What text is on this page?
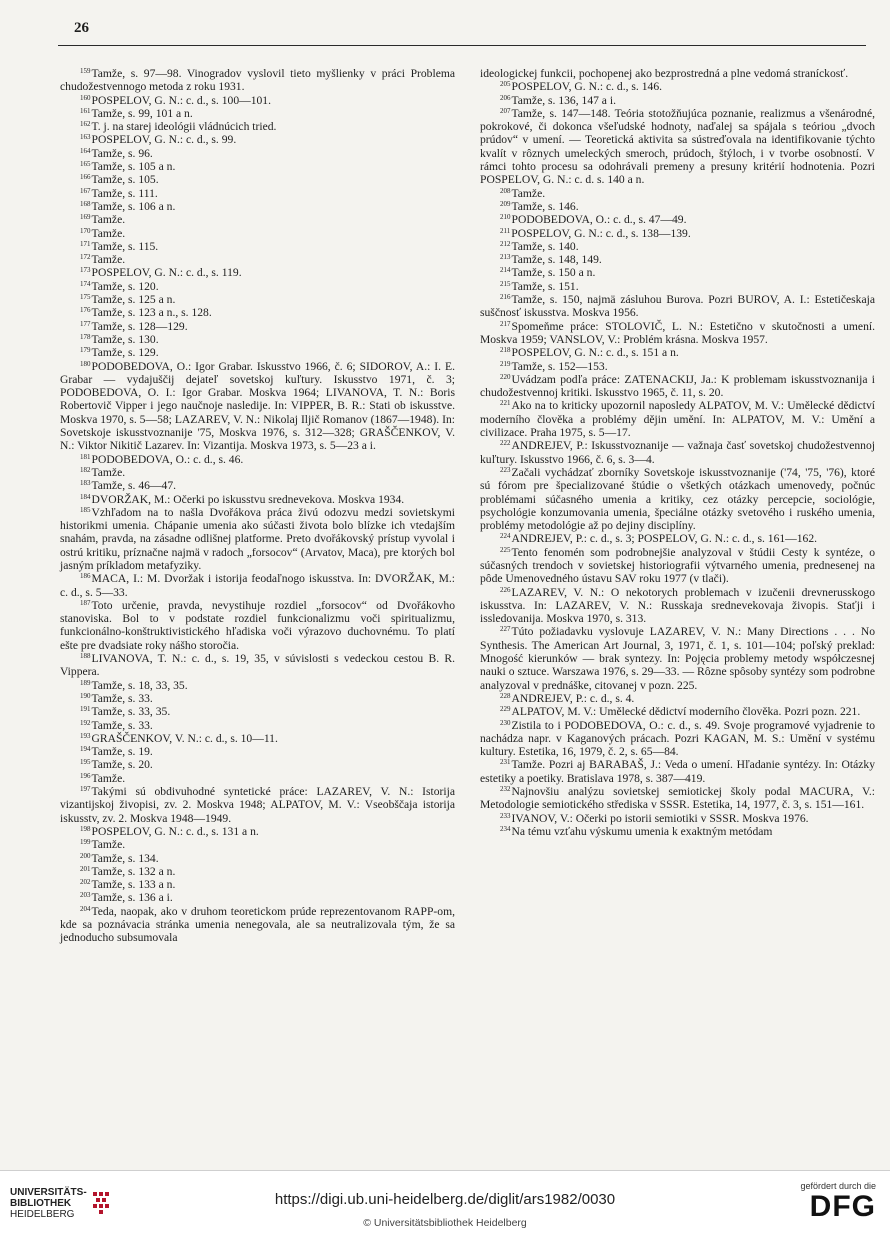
26

$^{159}$Tamže, s. 97—98. Vinogradov vyslovil tieto myšlienky v práci Problema chudožestvennogo metoda z roku 1931.

$^{160}$POSPELOV, G. N.: c. d., s. 100—101.

$^{161}$Tamže, s. 99, 101 a n.

$^{162}$T. j. na starej ideológii vládnúcich tried.

$^{163}$POSPELOV, G. N.: c. d., s. 99.

$^{164}$Tamže, s. 96.

$^{165}$Tamže, s. 105 a n.

$^{166}$Tamže, s. 105.

$^{167}$Tamže, s. 111.

$^{168}$Tamže, s. 106 a n.

$^{169}$Tamže.

$^{170}$Tamže.

$^{171}$Tamže, s. 115.

$^{172}$Tamže.

$^{173}$POSPELOV, G. N.: c. d., s. 119.

$^{174}$Tamže, s. 120.

$^{175}$Tamže, s. 125 a n.

$^{176}$Tamže, s. 123 a n., s. 128.

$^{177}$Tamže, s. 128—129.

$^{178}$Tamže, s. 130.

$^{179}$Tamže, s. 129.

$^{180}$PODOBEDOVA, O.: Igor Grabar. Iskusstvo 1966, č. 6; SIDOROV, A.: I. E. Grabar — vydajuščij dejateľ sovetskoj kuľtury. Iskusstvo 1971, č. 3; PODOBEDOVA, O. I.: Igor Grabar. Moskva 1964; LIVANOVA, T. N.: Boris Robertovič Vipper i jego naučnoje nasledije. In: VIPPER, B. R.: Stati ob iskusstve. Moskva 1970, s. 5—58; LAZAREV, V. N.: Nikolaj Iljič Romanov (1867—1948). In: Sovetskoje iskusstvoznanije '75, Moskva 1976, s. 312—328; GRAŠČENKOV, V. N.: Viktor Nikitič Lazarev. In: Vizantija. Moskva 1973, s. 5—23 a i.

$^{181}$PODOBEDOVA, O.: c. d., s. 46.

$^{182}$Tamže.

$^{183}$Tamže, s. 46—47.

$^{184}$DVORŽAK, M.: Očerki po iskusstvu srednevekova. Moskva 1934.

$^{185}$Vzhľadom na to našla Dvořákova práca živú odozvu medzi sovietskymi historikmi umenia. Chápanie umenia ako súčasti života bolo blízke ich vtedajším snahám, pravda, na zásadne odlišnej platforme. Preto dvořákovský prístup vyvolal i ostrú kritiku, príznačne najmä v radoch „forsocov“ (Arvatov, Maca), pre ktorých bol jasným príkladom metafyziky.

$^{186}$MACA, I.: M. Dvoržak i istorija feodaľnogo iskusstva. In: DVORŽAK, M.: c. d., s. 5—33.

$^{187}$Toto určenie, pravda, nevystihuje rozdiel „forsocov“ od Dvořákovho stanoviska. Bol to v podstate rozdiel funkcionalizmu voči spiritualizmu, funkcionálno-konštruktivistického hľadiska voči výrazovo duchovnému. To platí ešte pre dvadsiate roky nášho storočia.

$^{188}$LIVANOVA, T. N.: c. d., s. 19, 35, v súvislosti s vedeckou cestou B. R. Vippera.

$^{189}$Tamže, s. 18, 33, 35.

$^{190}$Tamže, s. 33.

$^{191}$Tamže, s. 33, 35.

$^{192}$Tamže, s. 33.

$^{193}$GRAŠČENKOV, V. N.: c. d., s. 10—11.

$^{194}$Tamže, s. 19.

$^{195}$Tamže, s. 20.

$^{196}$Tamže.

$^{197}$Takými sú obdivuhodné syntetické práce: LAZAREV, V. N.: Istorija vizantijskoj živopisi, zv. 2. Moskva 1948; ALPATOV, M. V.: Vseobščaja istorija iskusstv, zv. 2. Moskva 1948—1949.

$^{198}$POSPELOV, G. N.: c. d., s. 131 a n.

$^{199}$Tamže.

$^{200}$Tamže, s. 134.

$^{201}$Tamže, s. 132 a n.

$^{202}$Tamže, s. 133 a n.

$^{203}$Tamže, s. 136 a i.

$^{204}$Teda, naopak, ako v druhom teoretickom prúde reprezentovanom RAPP-om, kde sa poznávacia stránka umenia nenegovala, ale sa neutralizovala tým, že sa jednoducho subsumovala

ideologickej funkcii, pochopenej ako bezprostredná a plne vedomá straníckosť.

$^{205}$POSPELOV, G. N.: c. d., s. 146.

$^{206}$Tamže, s. 136, 147 a i.

$^{207}$Tamže, s. 147—148. Teória stotožňujúca poznanie, realizmus a všenárodné, pokrokové, či dokonca všeľudské hodnoty, naďalej sa spájala s teóriou „dvoch prúdov“ v umení. — Teoretická aktivita sa sústreďovala na identifikovanie týchto kvalít v rôznych umeleckých smeroch, prúdoch, štýloch, i v tvorbe osobností. V rámci tohto procesu sa odohrávali premeny a presuny kritérií hodnotenia. Pozri POSPELOV, G. N.: c. d. s. 140 a n.

$^{208}$Tamže.

$^{209}$Tamže, s. 146.

$^{210}$PODOBEDOVA, O.: c. d., s. 47—49.

$^{211}$POSPELOV, G. N.: c. d., s. 138—139.

$^{212}$Tamže, s. 140.

$^{213}$Tamže, s. 148, 149.

$^{214}$Tamže, s. 150 a n.

$^{215}$Tamže, s. 151.

$^{216}$Tamže, s. 150, najmä zásluhou Burova. Pozri BUROV, A. I.: Estetičeskaja suščnosť iskusstva. Moskva 1956.

$^{217}$Spomeňme práce: STOLOVIČ, L. N.: Estetično v skutočnosti a umení. Moskva 1959; VANSLOV, V.: Problém krásna. Moskva 1957.

$^{218}$POSPELOV, G. N.: c. d., s. 151 a n.

$^{219}$Tamže, s. 152—153.

$^{220}$Uvádzam podľa práce: ZATENACKIJ, Ja.: K problemam iskusstvoznanija i chudožestvennoj kritiki. Iskusstvo 1965, č. 11, s. 20.

$^{221}$Ako na to kriticky upozornil naposledy ALPATOV, M. V.: Umělecké dědictví moderního člověka a problémy dějin umění. In: ALPATOV, M. V.: Umění a civilizace. Praha 1975, s. 5—17.

$^{222}$ANDREJEV, P.: Iskusstvoznanije — važnaja časť sovetskoj chudožestvennoj kuľtury. Iskusstvo 1966, č. 6, s. 3—4.

$^{223}$Začali vychádzať zborníky Sovetskoje iskusstvoznanije ('74, '75, '76), ktoré sú fórom pre špecializované štúdie o všetkých otázkach umenovedy, počnúc problémami súčasného umenia a kritiky, cez otázky percepcie, sociológie, psychológie konzumovania umenia, špeciálne otázky svetového i ruského umenia, problémy metodológie až po dejiny disciplíny.

$^{224}$ANDREJEV, P.: c. d., s. 3; POSPELOV, G. N.: c. d., s. 161—162.

$^{225}$Tento fenomén som podrobnejšie analyzoval v štúdii Cesty k syntéze, o súčasných trendoch v sovietskej historiografii výtvarného umenia, prednesenej na pôde Umenovedného ústavu SAV roku 1977 (v tlači).

$^{226}$LAZAREV, V. N.: O nekotorych problemach v izučenii drevnerusskogo iskusstva. In: LAZAREV, V. N.: Russkaja srednevekovaja živopis. Staťji i issledovanija. Moskva 1970, s. 313.

$^{227}$Túto požiadavku vyslovuje LAZAREV, V. N.: Many Directions . . . No Synthesis. The American Art Journal, 3, 1971, č. 1, s. 101—104; poľský preklad: Mnogość kierunków — brak syntezy. In: Pojęcia problemy metody współczesnej nauki o sztuce. Warszawa 1976, s. 29—33. — Rôzne spôsoby syntézy som podrobne analyzoval v prednáške, citovanej v pozn. 225.

$^{228}$ANDREJEV, P.: c. d., s. 4.

$^{229}$ALPATOV, M. V.: Umělecké dědictví moderního člověka. Pozri pozn. 221.

$^{230}$Zistila to i PODOBEDOVA, O.: c. d., s. 49. Svoje programové vyjadrenie to nachádza napr. v Kaganových prácach. Pozri KAGAN, M. S.: Umění v systému kultury. Estetika, 16, 1979, č. 2, s. 65—84.

$^{231}$Tamže. Pozri aj BARABAŠ, J.: Veda o umení. Hľadanie syntézy. In: Otázky estetiky a poetiky. Bratislava 1978, s. 387—419.

$^{232}$Najnovšiu analýzu sovietskej semiotickej školy podal MACURA, V.: Metodologie semiotického střediska v SSSR. Estetika, 14, 1977, č. 3, s. 151—161.

$^{233}$IVANOV, V.: Očerki po istorii semiotiki v SSSR. Moskva 1976.

$^{234}$Na tému vzťahu výskumu umenia k exaktným metódam

UNIVERSITÄTS-
BIBLIOTHEK
HEIDELBERG
https://digi.ub.uni-heidelberg.de/diglit/ars1982/0030
© Universitätsbibliothek Heidelberg
gefördert durch die
DFG
